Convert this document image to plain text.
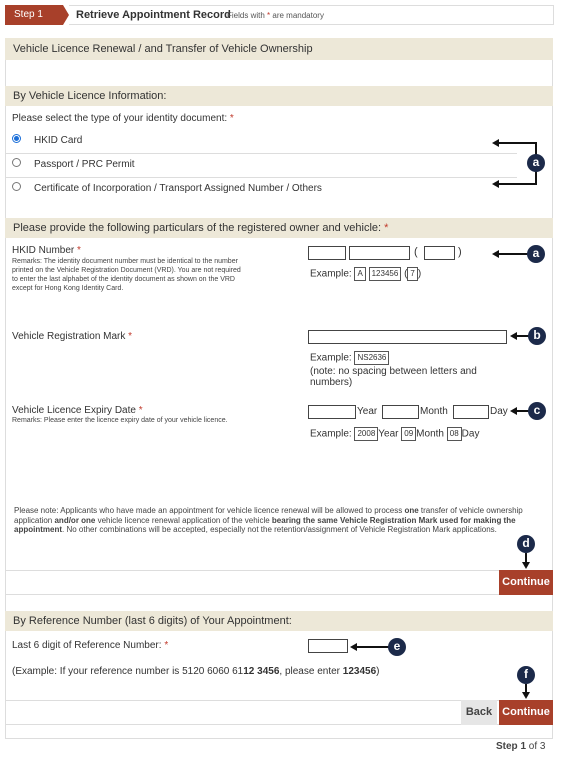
Step 1	Retrieve Appointment Record
Fields with * are mandatory
Vehicle Licence Renewal / and Transfer of Vehicle Ownership
By Vehicle Licence Information:
Please select the type of your identity document: *
HKID Card
Passport / PRC Permit
Certificate of Incorporation / Transport Assigned Number / Others
a
Please provide the following particulars of the registered owner and vehicle: *
HKID Number *
Remarks: The identity document number must be identical to the number printed on the Vehicle Registration Document (VRD). You are not required to enter the last alphabet of the identity document as shown on the VRD except for Hong Kong Identity Card.
(	)
Example: A 123456 ( 7 )
a
Vehicle Registration Mark *
Example: NS2636
(note: no spacing between letters and numbers)
b
Vehicle Licence Expiry Date *
Remarks: Please enter the licence expiry date of your vehicle licence.
Year	Month	Day
Example: 2008 Year 09 Month 08 Day
c
Please note: Applicants who have made an appointment for vehicle licence renewal will be allowed to process one transfer of vehicle ownership application and/or one vehicle licence renewal application of the vehicle bearing the same Vehicle Registration Mark used for making the appointment. No other combinations will be accepted, especially not the retention/assignment of Vehicle Registration Mark applications.
d
Continue
By Reference Number (last 6 digits) of Your Appointment:
Last 6 digit of Reference Number: *	e
(Example: If your reference number is 5120 6060 6112 3456, please enter 123456)	f
Back Continue
Step 1 of 3
